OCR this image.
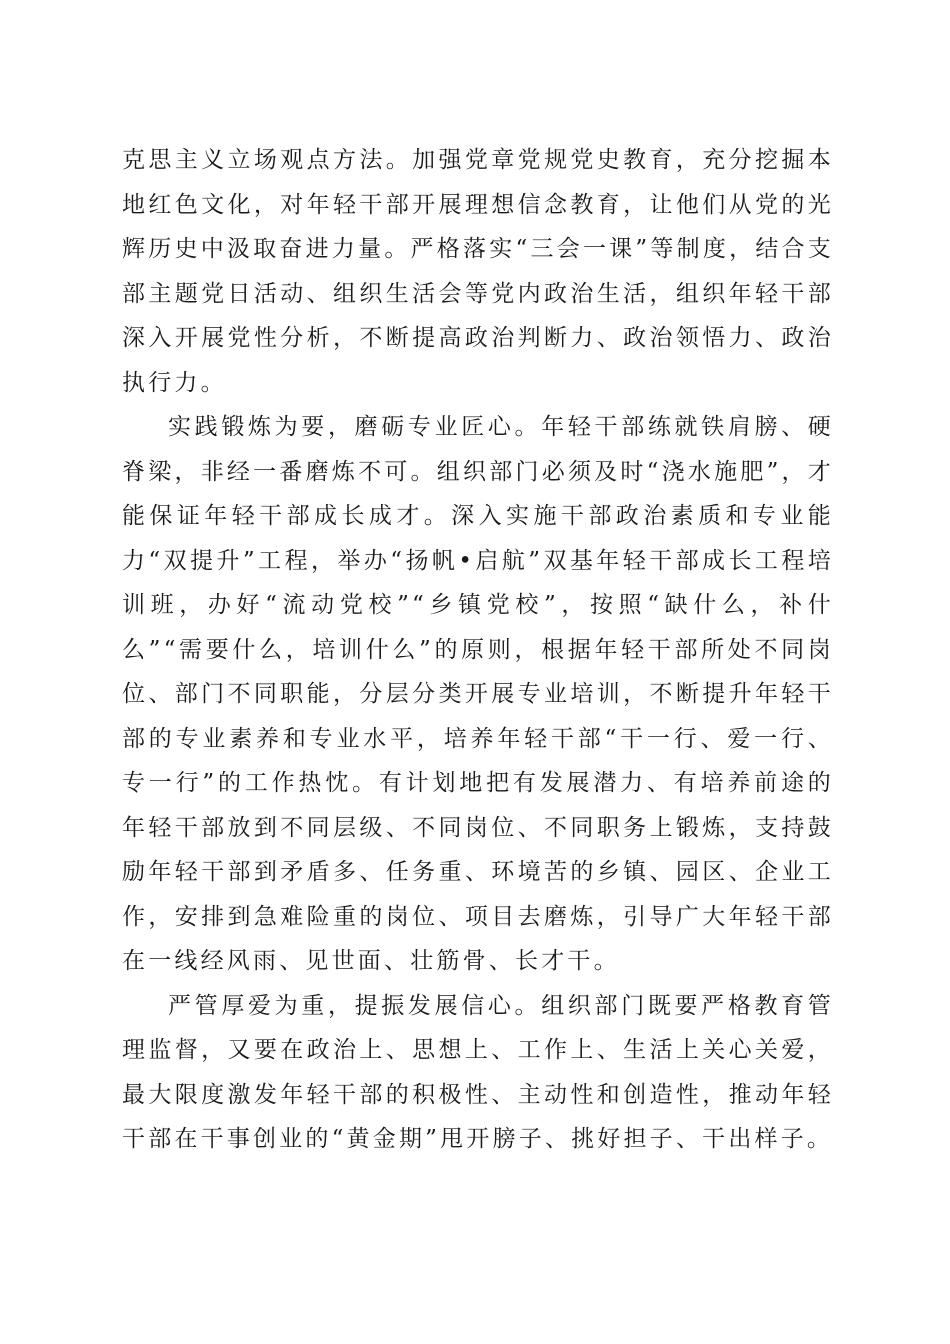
克思主义立场观点方法。加强党章党规党史教育，充分挖掘本地红色文化，对年轻干部开展理想信念教育，让他们从党的光辉历史中汲取奋进力量。严格落实“三会一课”等制度，结合支部主题党日活动、组织生活会等党内政治生活，组织年轻干部深入开展党性分析，不断提高政治判断力、政治领悟力、政治执行力。

实践锻炼为要，磨砺专业匠心。年轻干部练就铁肩膀、硬脊梁，非经一番磨炼不可。组织部门必须及时“浇水施肥”，才能保证年轻干部成长成才。深入实施干部政治素质和专业能力“双提升”工程，举办“扬帆•启航”双基年轻干部成长工程培训班，办好“流动党校”“乡镇党校”，按照“缺什么，补什么”“需要什么，培训什么”的原则，根据年轻干部所处不同岗位、部门不同职能，分层分类开展专业培训，不断提升年轻干部的专业素养和专业水平，培养年轻干部“干一行、爱一行、专一行”的工作热忱。有计划地把有发展潜力、有培养前途的年轻干部放到不同层级、不同岗位、不同职务上锻炼，支持鼓励年轻干部到矛盾多、任务重、环境苦的乡镇、园区、企业工作，安排到急难险重的岗位、项目去磨炼，引导广大年轻干部在一线经风雨、见世面、壮筋骨、长才干。

严管厚爱为重，提振发展信心。组织部门既要严格教育管理监督，又要在政治上、思想上、工作上、生活上关心关爱，最大限度激发年轻干部的积极性、主动性和创造性，推动年轻干部在干事创业的“黄金期”甩开膀子、挑好担子、干出样子。
